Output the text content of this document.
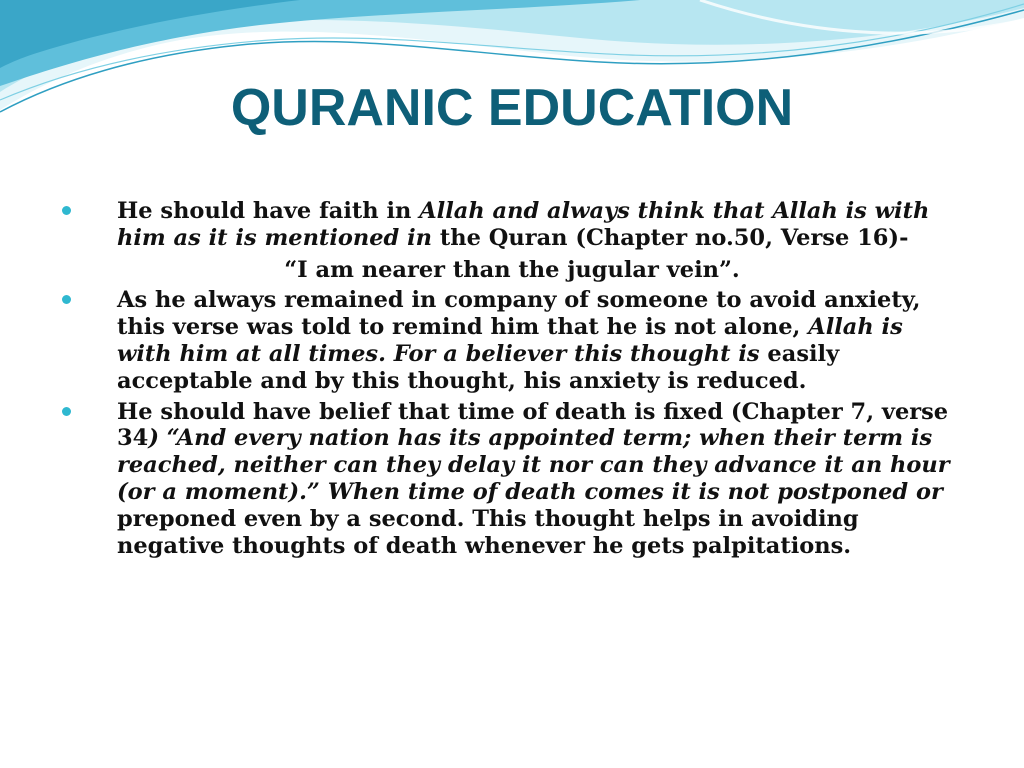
QURANIC EDUCATION
He should have faith in Allah and always think that Allah is with him as it is mentioned in the Quran (Chapter no.50, Verse 16)-
“I am nearer than the jugular vein”.
As he always remained in company of someone to avoid anxiety, this verse was told to remind him that he is not alone, Allah is with him at all times. For a believer this thought is easily acceptable and by this thought, his anxiety is reduced.
He should have belief that time of death is fixed (Chapter 7, verse 34) “And every nation has its appointed term; when their term is reached, neither can they delay it nor can they advance it an hour (or a moment).” When time of death comes it is not postponed or preponed even by a second. This thought helps in avoiding negative thoughts of death whenever he gets palpitations.
